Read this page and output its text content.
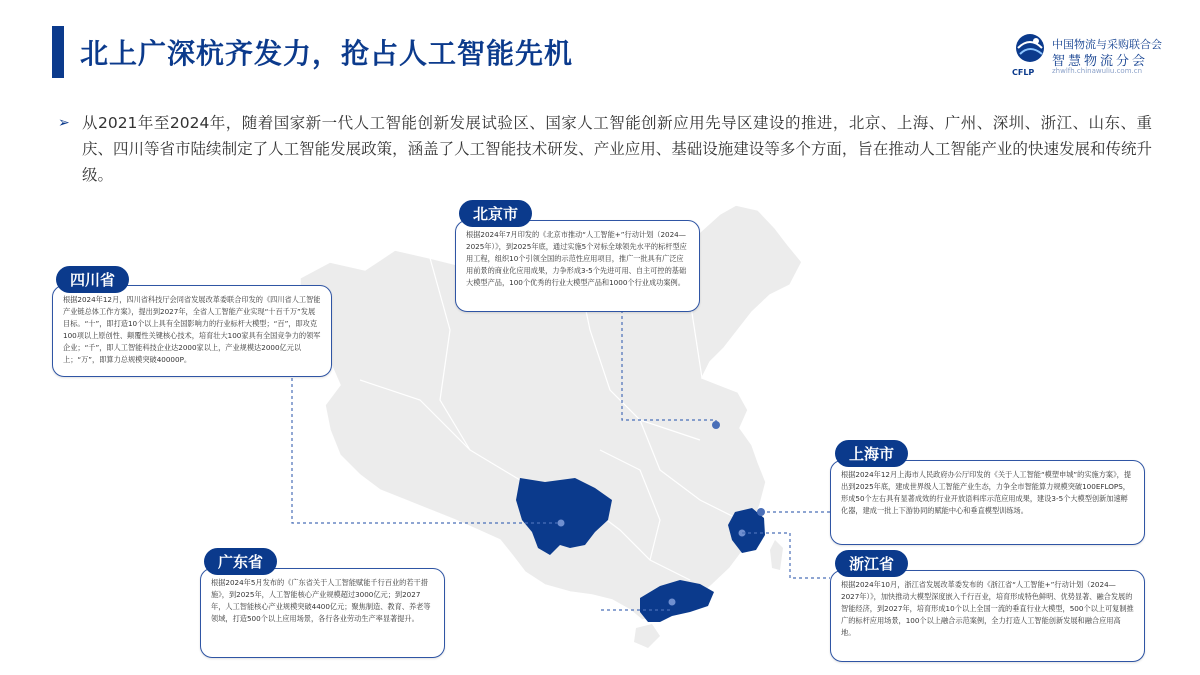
北上广深杭齐发力，抢占人工智能先机
CFLP
中国物流与采购联合会
智慧物流分会
zhwlfh.chinawuliu.com.cn
➢ 从2021年至2024年，随着国家新一代人工智能创新发展试验区、国家人工智能创新应用先导区建设的推进，北京、上海、广州、深圳、浙江、山东、重庆、四川等省市陆续制定了人工智能发展政策，涵盖了人工智能技术研发、产业应用、基础设施建设等多个方面，旨在推动人工智能产业的快速发展和传统升级。
根据2024年7月印发的《北京市推动“人工智能+”行动计划（2024—2025年）》，到2025年底，通过实施5个对标全球领先水平的标杆型应用工程，组织10个引领全国的示范性应用项目，推广一批具有广泛应用前景的商业化应用成果，力争形成3-5个先进可用、自主可控的基础大模型产品，100个优秀的行业大模型产品和1000个行业成功案例。
北京市
根据2024年12月，四川省科技厅会同省发展改革委联合印发的《四川省人工智能产业链总体工作方案》，提出到2027年，全省人工智能产业实现“十百千万”发展目标。“十”，即打造10个以上具有全国影响力的行业标杆大模型；“百”，即攻克100项以上原创性、颠覆性关键核心技术，培育壮大100家具有全国竞争力的领军企业；“千”，即人工智能科技企业达2000家以上，产业规模达2000亿元以上；“万”，即算力总规模突破40000P。
四川省
根据2024年12月上海市人民政府办公厅印发的《关于人工智能“模塑申城”的实施方案》，提出到2025年底，建成世界级人工智能产业生态，力争全市智能算力规模突破100EFLOPS，形成50个左右具有显著成效的行业开放语料库示范应用成果，建设3-5个大模型创新加速孵化器，建成一批上下游协同的赋能中心和垂直模型训练场。
上海市
根据2024年5月发布的《广东省关于人工智能赋能千行百业的若干措施》，到2025年，人工智能核心产业规模超过3000亿元；到2027年，人工智能核心产业规模突破4400亿元；聚焦制造、教育、养老等领域，打造500个以上应用场景，各行各业劳动生产率显著提升。
广东省
根据2024年10月，浙江省发展改革委发布的《浙江省“人工智能+”行动计划（2024—2027年）》，加快推动大模型深度嵌入千行百业，培育形成特色鲜明、优势显著、融合发展的智能经济，到2027年，培育形成10个以上全国一流的垂直行业大模型，500个以上可复制推广的标杆应用场景，100个以上融合示范案例，全力打造人工智能创新发展和融合应用高地。
浙江省
